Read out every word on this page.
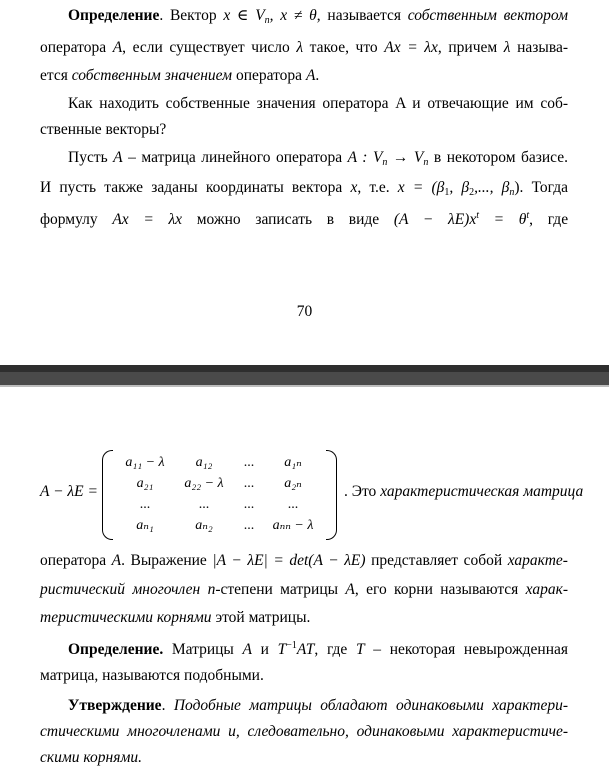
Определение. Вектор x ∈ $V_n$, x ≠ θ, называется собственным вектором
оператора A, если существует число λ такое, что Ax = λx, причем λ называ-
ется собственным значением оператора A.
Как находить собственные значения оператора A и отвечающие им соб-
ственные векторы?
Пусть A – матрица линейного оператора A : $V_n \to V_n$ в некотором базисе.
И пусть также заданы координаты вектора x, т.е. $x = (\beta_1$, $\beta_2$,..., $\beta_n$). Тогда
формулу Ax = λx можно записать в виде $(A - \lambda E)x^t = \theta^t$, где
70
A − λE =
a₁₁ − λ	a₁₂	...	a₁ₙ
a₂₁	a₂₂ − λ	...	a₂ₙ
...	...	...	...
aₙ₁	aₙ₂	...	aₙₙ − λ
. Это характеристическая матрица
оператора A. Выражение |A − λE| = det(A − λE) представляет собой характе-
ристический многочлен n-степени матрицы A, его корни называются харак-
теристическими корнями этой матрицы.
Определение. Матрицы A и $T^{-1}AT$, где T – некоторая невырожденная
матрица, называются подобными.
Утверждение. Подобные матрицы обладают одинаковыми характери-
стическими многочленами и, следовательно, одинаковыми характеристиче-
скими корнями.
